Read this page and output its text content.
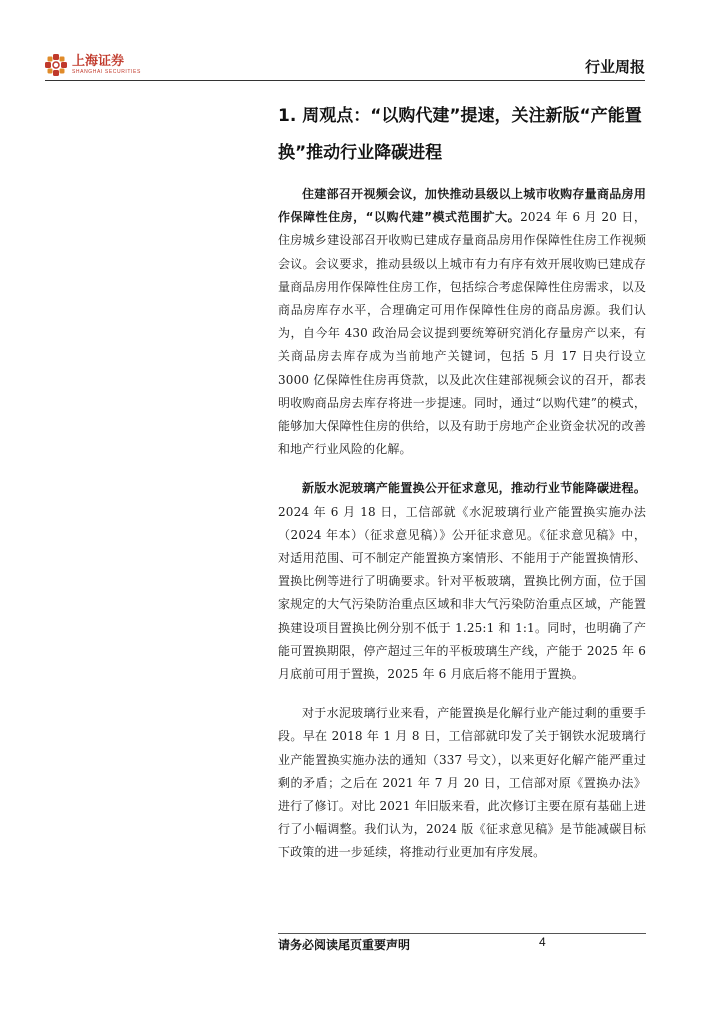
上海证券
SHANGHAI SECURITIES	行业周报
1. 周观点：“以购代建”提速，关注新版“产能置换”推动行业降碳进程

住建部召开视频会议，加快推动县级以上城市收购存量商品房用作保障性住房，“以购代建”模式范围扩大。2024 年 6 月 20 日，住房城乡建设部召开收购已建成存量商品房用作保障性住房工作视频会议。会议要求，推动县级以上城市有力有序有效开展收购已建成存量商品房用作保障性住房工作，包括综合考虑保障性住房需求，以及商品房库存水平，合理确定可用作保障性住房的商品房源。我们认为，自今年 430 政治局会议提到要统筹研究消化存量房产以来，有关商品房去库存成为当前地产关键词，包括 5 月 17 日央行设立 3000 亿保障性住房再贷款，以及此次住建部视频会议的召开，都表明收购商品房去库存将进一步提速。同时，通过“以购代建”的模式，能够加大保障性住房的供给，以及有助于房地产企业资金状况的改善和地产行业风险的化解。

新版水泥玻璃产能置换公开征求意见，推动行业节能降碳进程。2024 年 6 月 18 日，工信部就《水泥玻璃行业产能置换实施办法（2024 年本）（征求意见稿）》公开征求意见。《征求意见稿》中，对适用范围、可不制定产能置换方案情形、不能用于产能置换情形、置换比例等进行了明确要求。针对平板玻璃，置换比例方面，位于国家规定的大气污染防治重点区域和非大气污染防治重点区域，产能置换建设项目置换比例分别不低于 1.25:1 和 1:1。同时，也明确了产能可置换期限，停产超过三年的平板玻璃生产线，产能于 2025 年 6 月底前可用于置换，2025 年 6 月底后将不能用于置换。

对于水泥玻璃行业来看，产能置换是化解行业产能过剩的重要手段。早在 2018 年 1 月 8 日，工信部就印发了关于钢铁水泥玻璃行业产能置换实施办法的通知（337 号文），以来更好化解产能严重过剩的矛盾；之后在 2021 年 7 月 20 日，工信部对原《置换办法》进行了修订。对比 2021 年旧版来看，此次修订主要在原有基础上进行了小幅调整。我们认为，2024 版《征求意见稿》是节能减碳目标下政策的进一步延续，将推动行业更加有序发展。

请务必阅读尾页重要声明	4
